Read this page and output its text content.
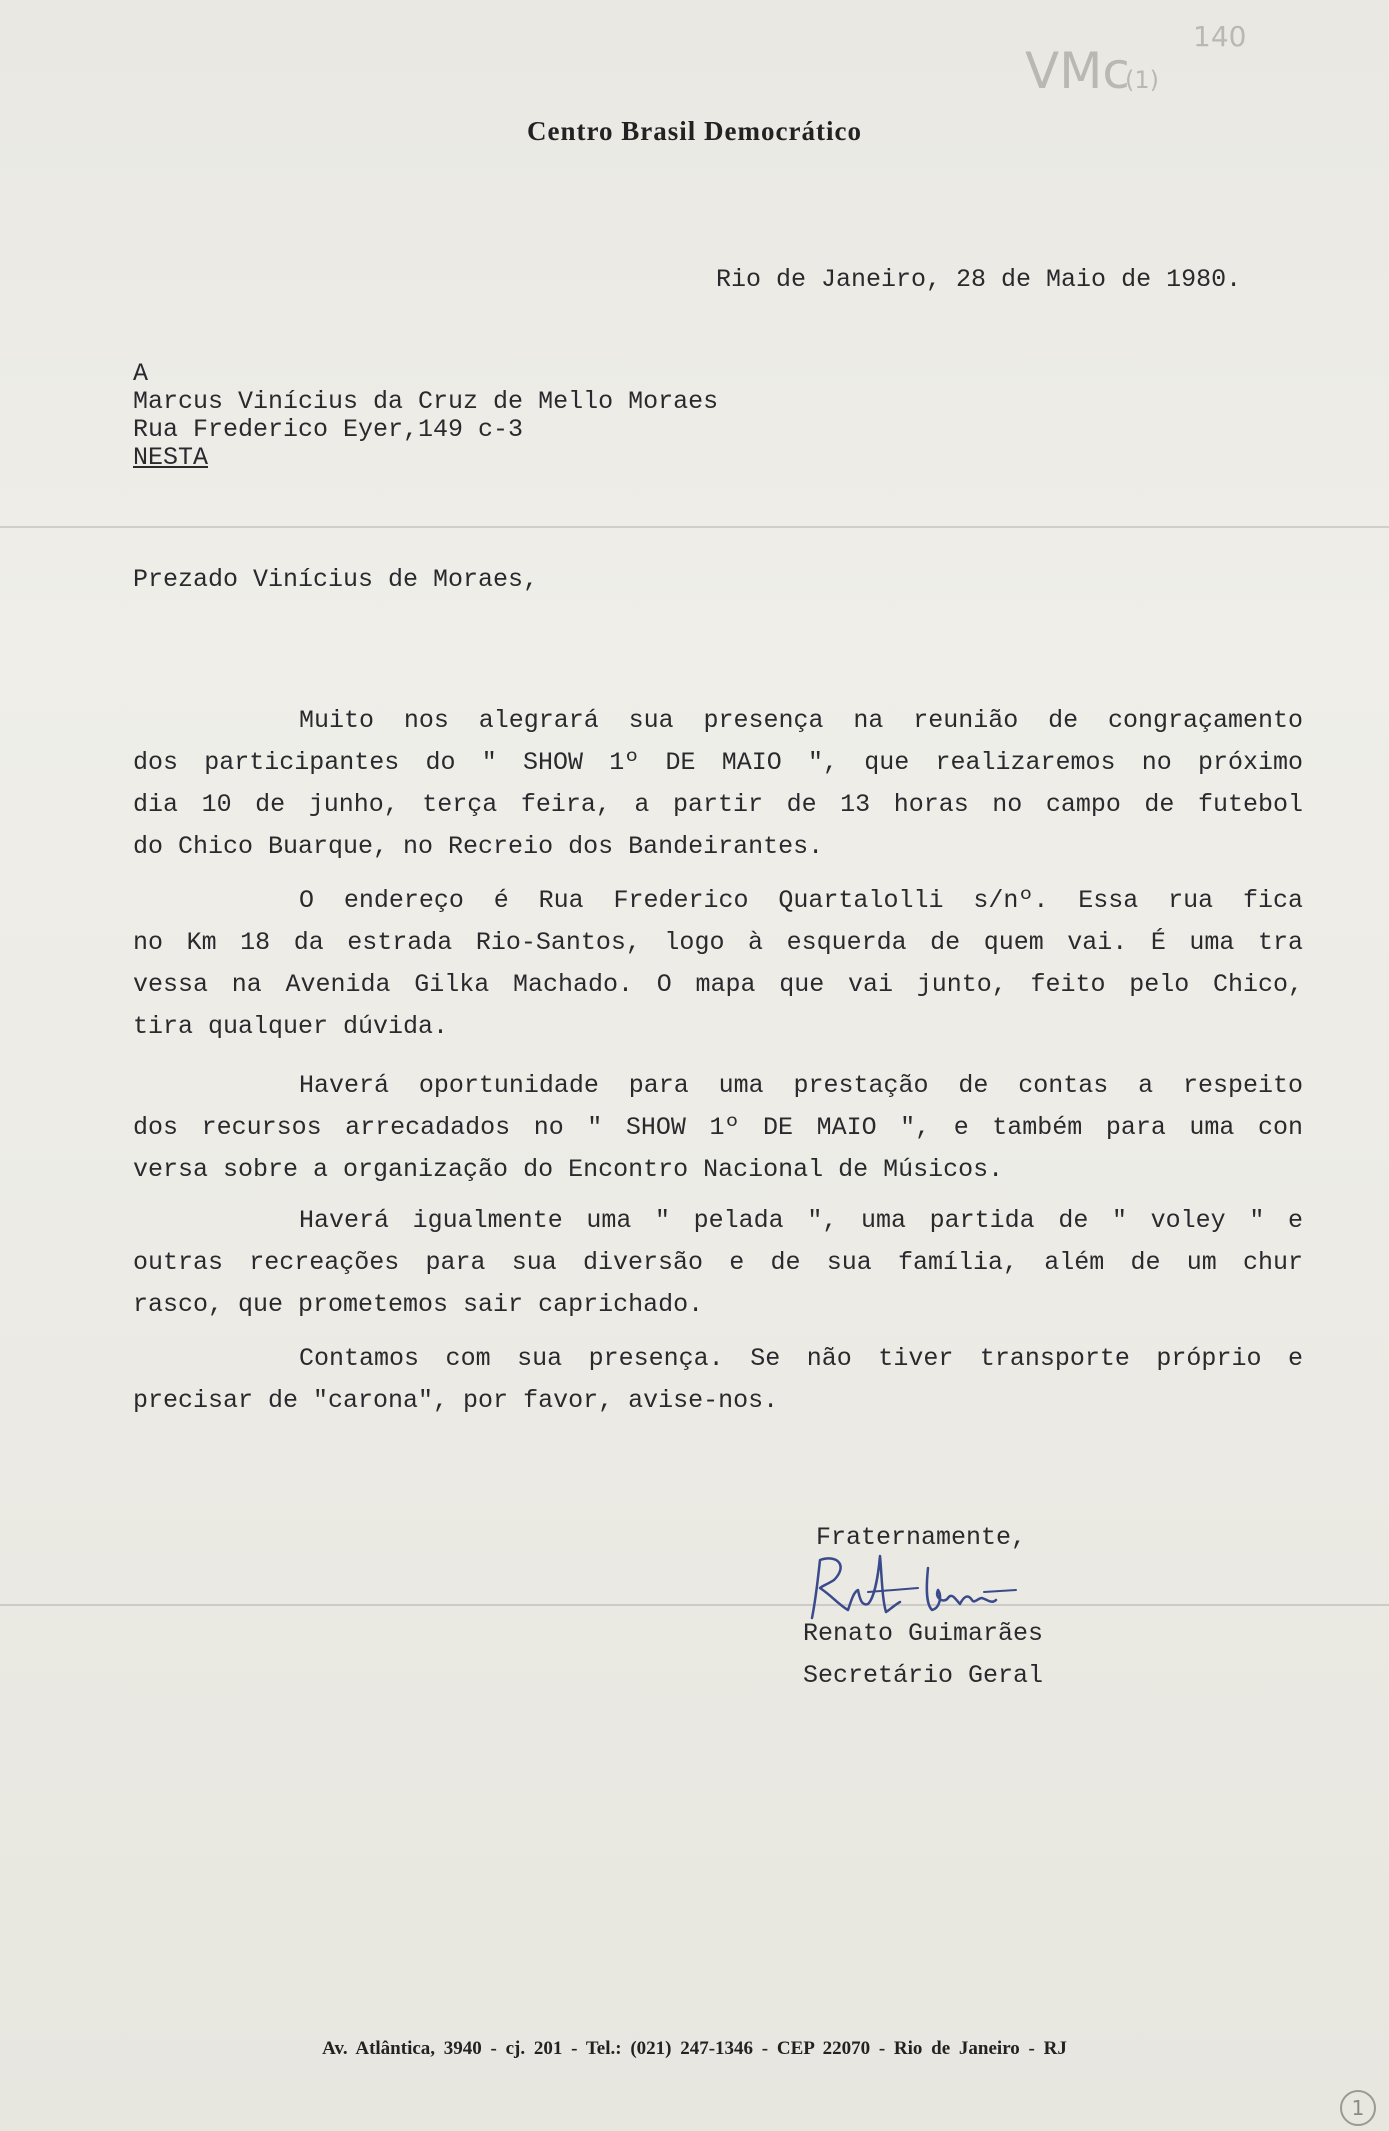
VMc
140
(1)
Centro Brasil Democrático
Rio de Janeiro, 28 de Maio de 1980.
A
Marcus Vinícius da Cruz de Mello Moraes
Rua Frederico Eyer,149 c-3
NESTA
Prezado Vinícius de Moraes,
Muito nos alegrará sua presença na reunião de congraçamento
dos participantes do " SHOW 1º DE MAIO ", que realizaremos no próximo
dia 10 de junho, terça feira, a partir de 13 horas no campo de futebol
do Chico Buarque, no Recreio dos Bandeirantes.
O endereço é Rua Frederico Quartalolli s/nº. Essa rua fica
no Km 18 da estrada Rio-Santos, logo à esquerda de quem vai. É uma tra
vessa na Avenida Gilka Machado. O mapa que vai junto, feito pelo Chico,
tira qualquer dúvida.
Haverá oportunidade para uma prestação de contas a respeito
dos recursos arrecadados no " SHOW 1º DE MAIO ", e também para uma con
versa sobre a organização do Encontro Nacional de Músicos.
Haverá igualmente uma " pelada ", uma partida de " voley " e
outras recreações para sua diversão e de sua família, além de um chur
rasco, que prometemos sair caprichado.
Contamos com sua presença. Se não tiver transporte próprio e
precisar de "carona", por favor, avise-nos.
Fraternamente,
Renato Guimarães
Secretário Geral
Av. Atlântica, 3940 - cj. 201 - Tel.: (021) 247-1346 - CEP 22070 - Rio de Janeiro - RJ
1
